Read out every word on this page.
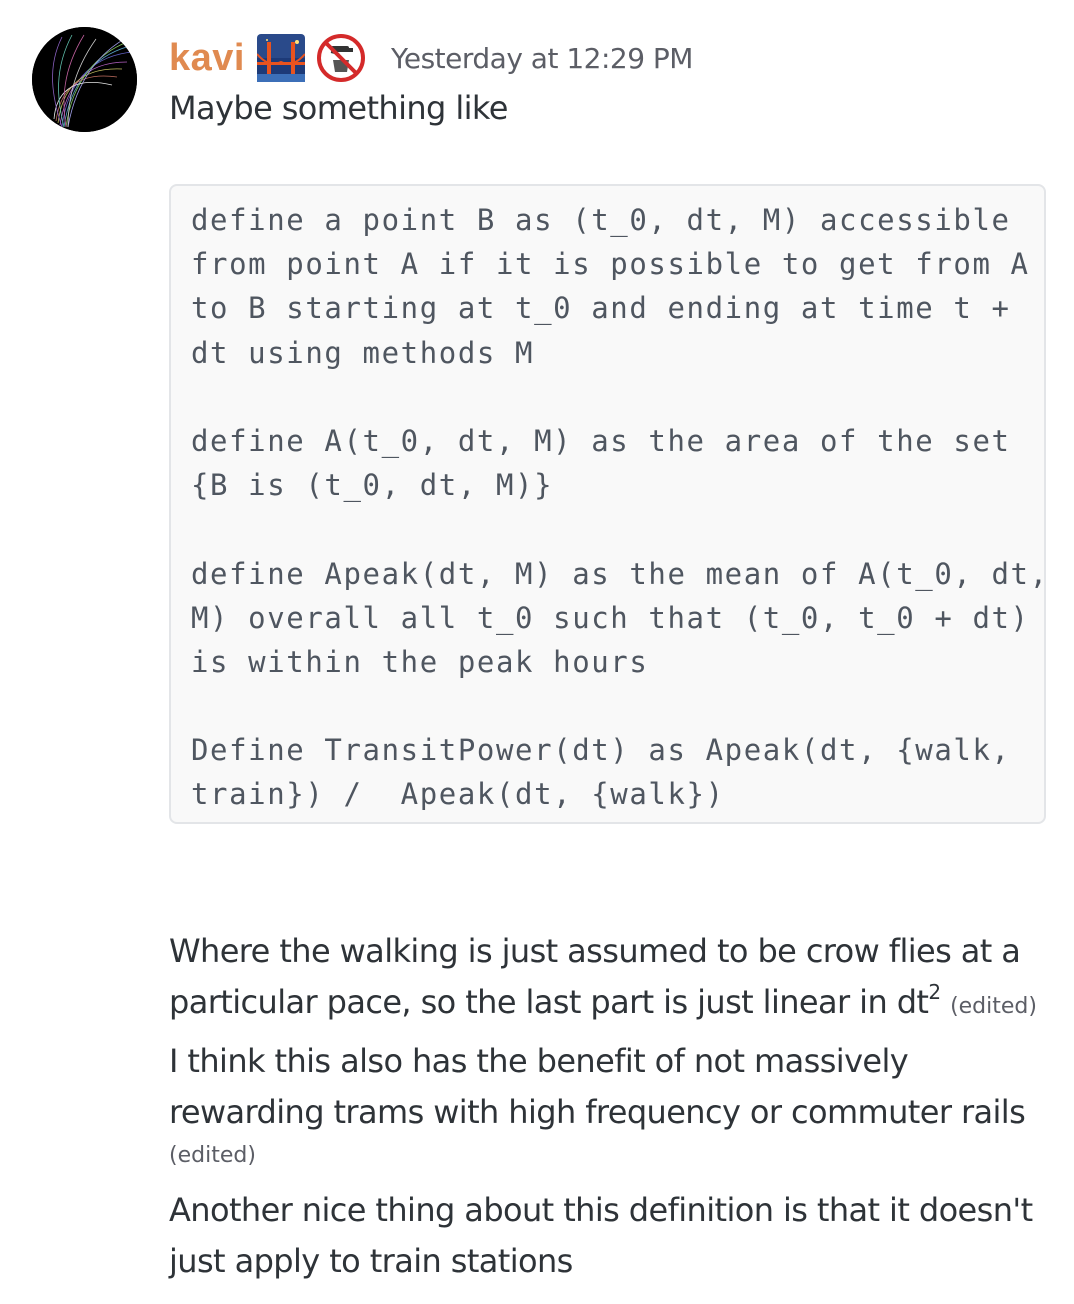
kavi	Yesterday at 12:29 PM
Maybe something like
define a point B as (t_0, dt, M) accessible
from point A if it is possible to get from A
to B starting at t_0 and ending at time t +
dt using methods M
define A(t_0, dt, M) as the area of the set
{B is (t_0, dt, M)}
define Apeak(dt, M) as the mean of A(t_0, dt,
M) overall all t_0 such that (t_0, t_0 + dt)
is within the peak hours
Define TransitPower(dt) as Apeak(dt, {walk,
train}) /  Apeak(dt, {walk})
Where the walking is just assumed to be crow flies at a
particular pace, so the last part is just linear in $dt^2$ (edited)
I think this also has the benefit of not massively
rewarding trams with high frequency or commuter rails
(edited)
Another nice thing about this definition is that it doesn't
just apply to train stations
